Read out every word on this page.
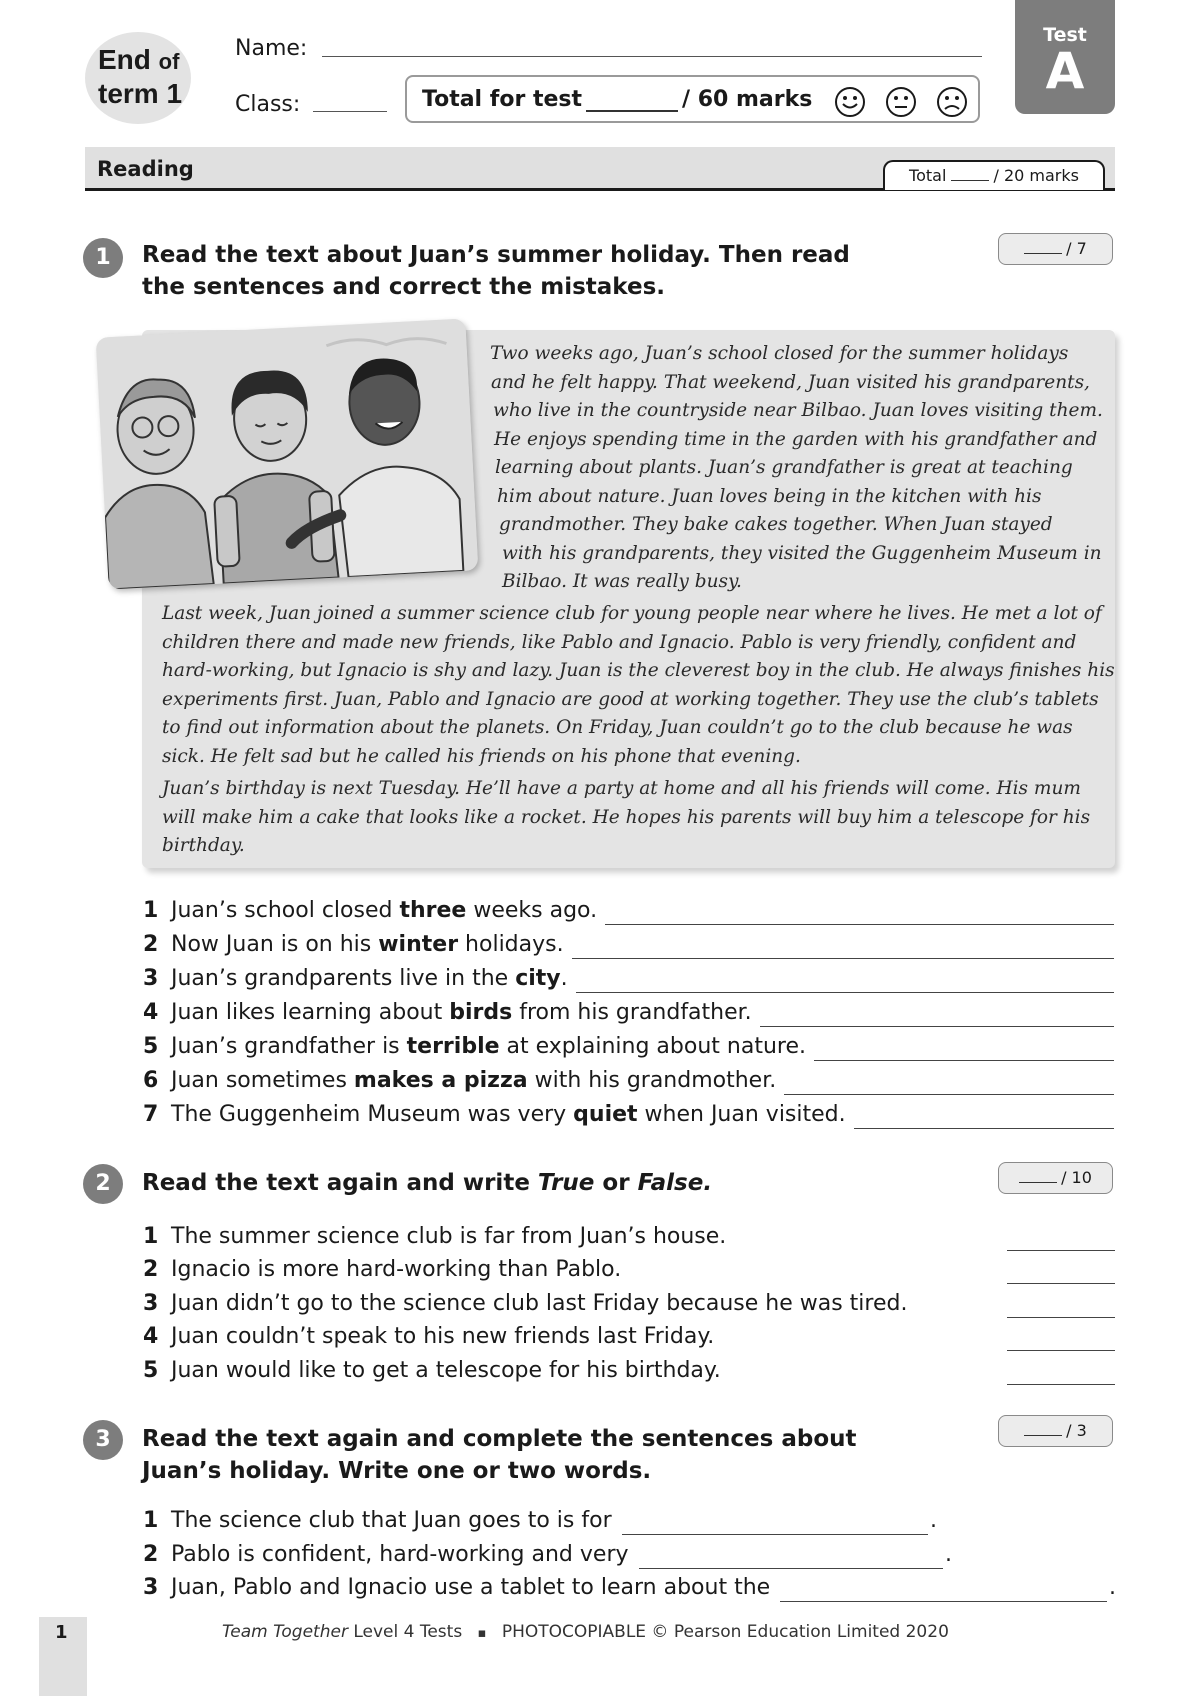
End of
term 1
Name:
Class:	Total for test	/ 60 marks
Test
A
Reading	Total	/ 20 marks
1	Read the text about Juan’s summer holiday. Then read
the sentences and correct the mistakes.
/ 7
Two weeks ago, Juan’s school closed for the summer holidays
and he felt happy. That weekend, Juan visited his grandparents,
who live in the countryside near Bilbao. Juan loves visiting them.
He enjoys spending time in the garden with his grandfather and
learning about plants. Juan’s grandfather is great at teaching
him about nature. Juan loves being in the kitchen with his
grandmother. They bake cakes together. When Juan stayed
with his grandparents, they visited the Guggenheim Museum in
Bilbao. It was really busy.
Last week, Juan joined a summer science club for young people near where he lives. He met a lot of
children there and made new friends, like Pablo and Ignacio. Pablo is very friendly, confident and
hard-working, but Ignacio is shy and lazy. Juan is the cleverest boy in the club. He always finishes his
experiments first. Juan, Pablo and Ignacio are good at working together. They use the club’s tablets
to find out information about the planets. On Friday, Juan couldn’t go to the club because he was
sick. He felt sad but he called his friends on his phone that evening.
Juan’s birthday is next Tuesday. He’ll have a party at home and all his friends will come. His mum
will make him a cake that looks like a rocket. He hopes his parents will buy him a telescope for his
birthday.
1 Juan’s school closed three weeks ago.
2 Now Juan is on his winter holidays.
3 Juan’s grandparents live in the city.
4 Juan likes learning about birds from his grandfather.
5 Juan’s grandfather is terrible at explaining about nature.
6 Juan sometimes makes a pizza with his grandmother.
7 The Guggenheim Museum was very quiet when Juan visited.
2	Read the text again and write True or False.	/ 10
1 The summer science club is far from Juan’s house.
2 Ignacio is more hard-working than Pablo.
3 Juan didn’t go to the science club last Friday because he was tired.
4 Juan couldn’t speak to his new friends last Friday.
5 Juan would like to get a telescope for his birthday.
3	Read the text again and complete the sentences about
Juan’s holiday. Write one or two words.
/ 3
1 The science club that Juan goes to is for
2 Pablo is confident, hard-working and very
3 Juan, Pablo and Ignacio use a tablet to learn about the
.
.
.
1	Team Together Level 4 Tests ▪ PHOTOCOPIABLE © Pearson Education Limited 2020
